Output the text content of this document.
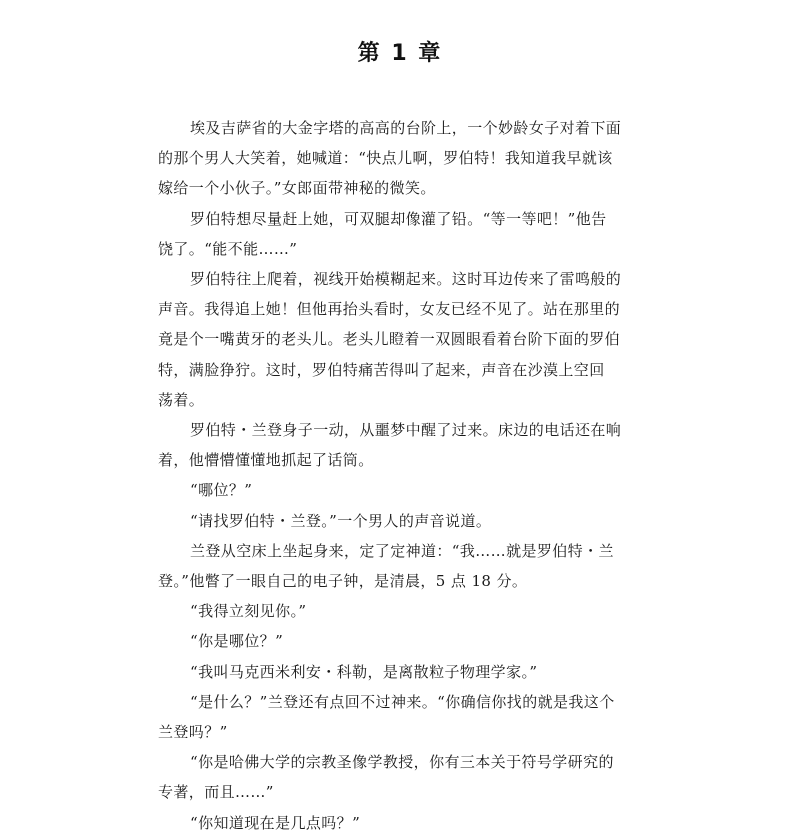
第 1 章

埃及吉萨省的大金字塔的高高的台阶上，一个妙龄女子对着下面
的那个男人大笑着，她喊道：“快点儿啊，罗伯特！我知道我早就该
嫁给一个小伙子。”女郎面带神秘的微笑。

罗伯特想尽量赶上她，可双腿却像灌了铅。“等一等吧！”他告
饶了。“能不能……”

罗伯特往上爬着，视线开始模糊起来。这时耳边传来了雷鸣般的
声音。我得追上她！但他再抬头看时，女友已经不见了。站在那里的
竟是个一嘴黄牙的老头儿。老头儿瞪着一双圆眼看着台阶下面的罗伯
特，满脸狰狞。这时，罗伯特痛苦得叫了起来，声音在沙漠上空回
荡着。

罗伯特・兰登身子一动，从噩梦中醒了过来。床边的电话还在响
着，他懵懵懂懂地抓起了话筒。

“哪位？”

“请找罗伯特・兰登。”一个男人的声音说道。

兰登从空床上坐起身来，定了定神道：“我……就是罗伯特・兰
登。”他瞥了一眼自己的电子钟，是清晨，5 点 18 分。

“我得立刻见你。”

“你是哪位？”

“我叫马克西米利安・科勒，是离散粒子物理学家。”

“是什么？”兰登还有点回不过神来。“你确信你找的就是我这个
兰登吗？”

“你是哈佛大学的宗教圣像学教授，你有三本关于符号学研究的
专著，而且……”

“你知道现在是几点吗？”
